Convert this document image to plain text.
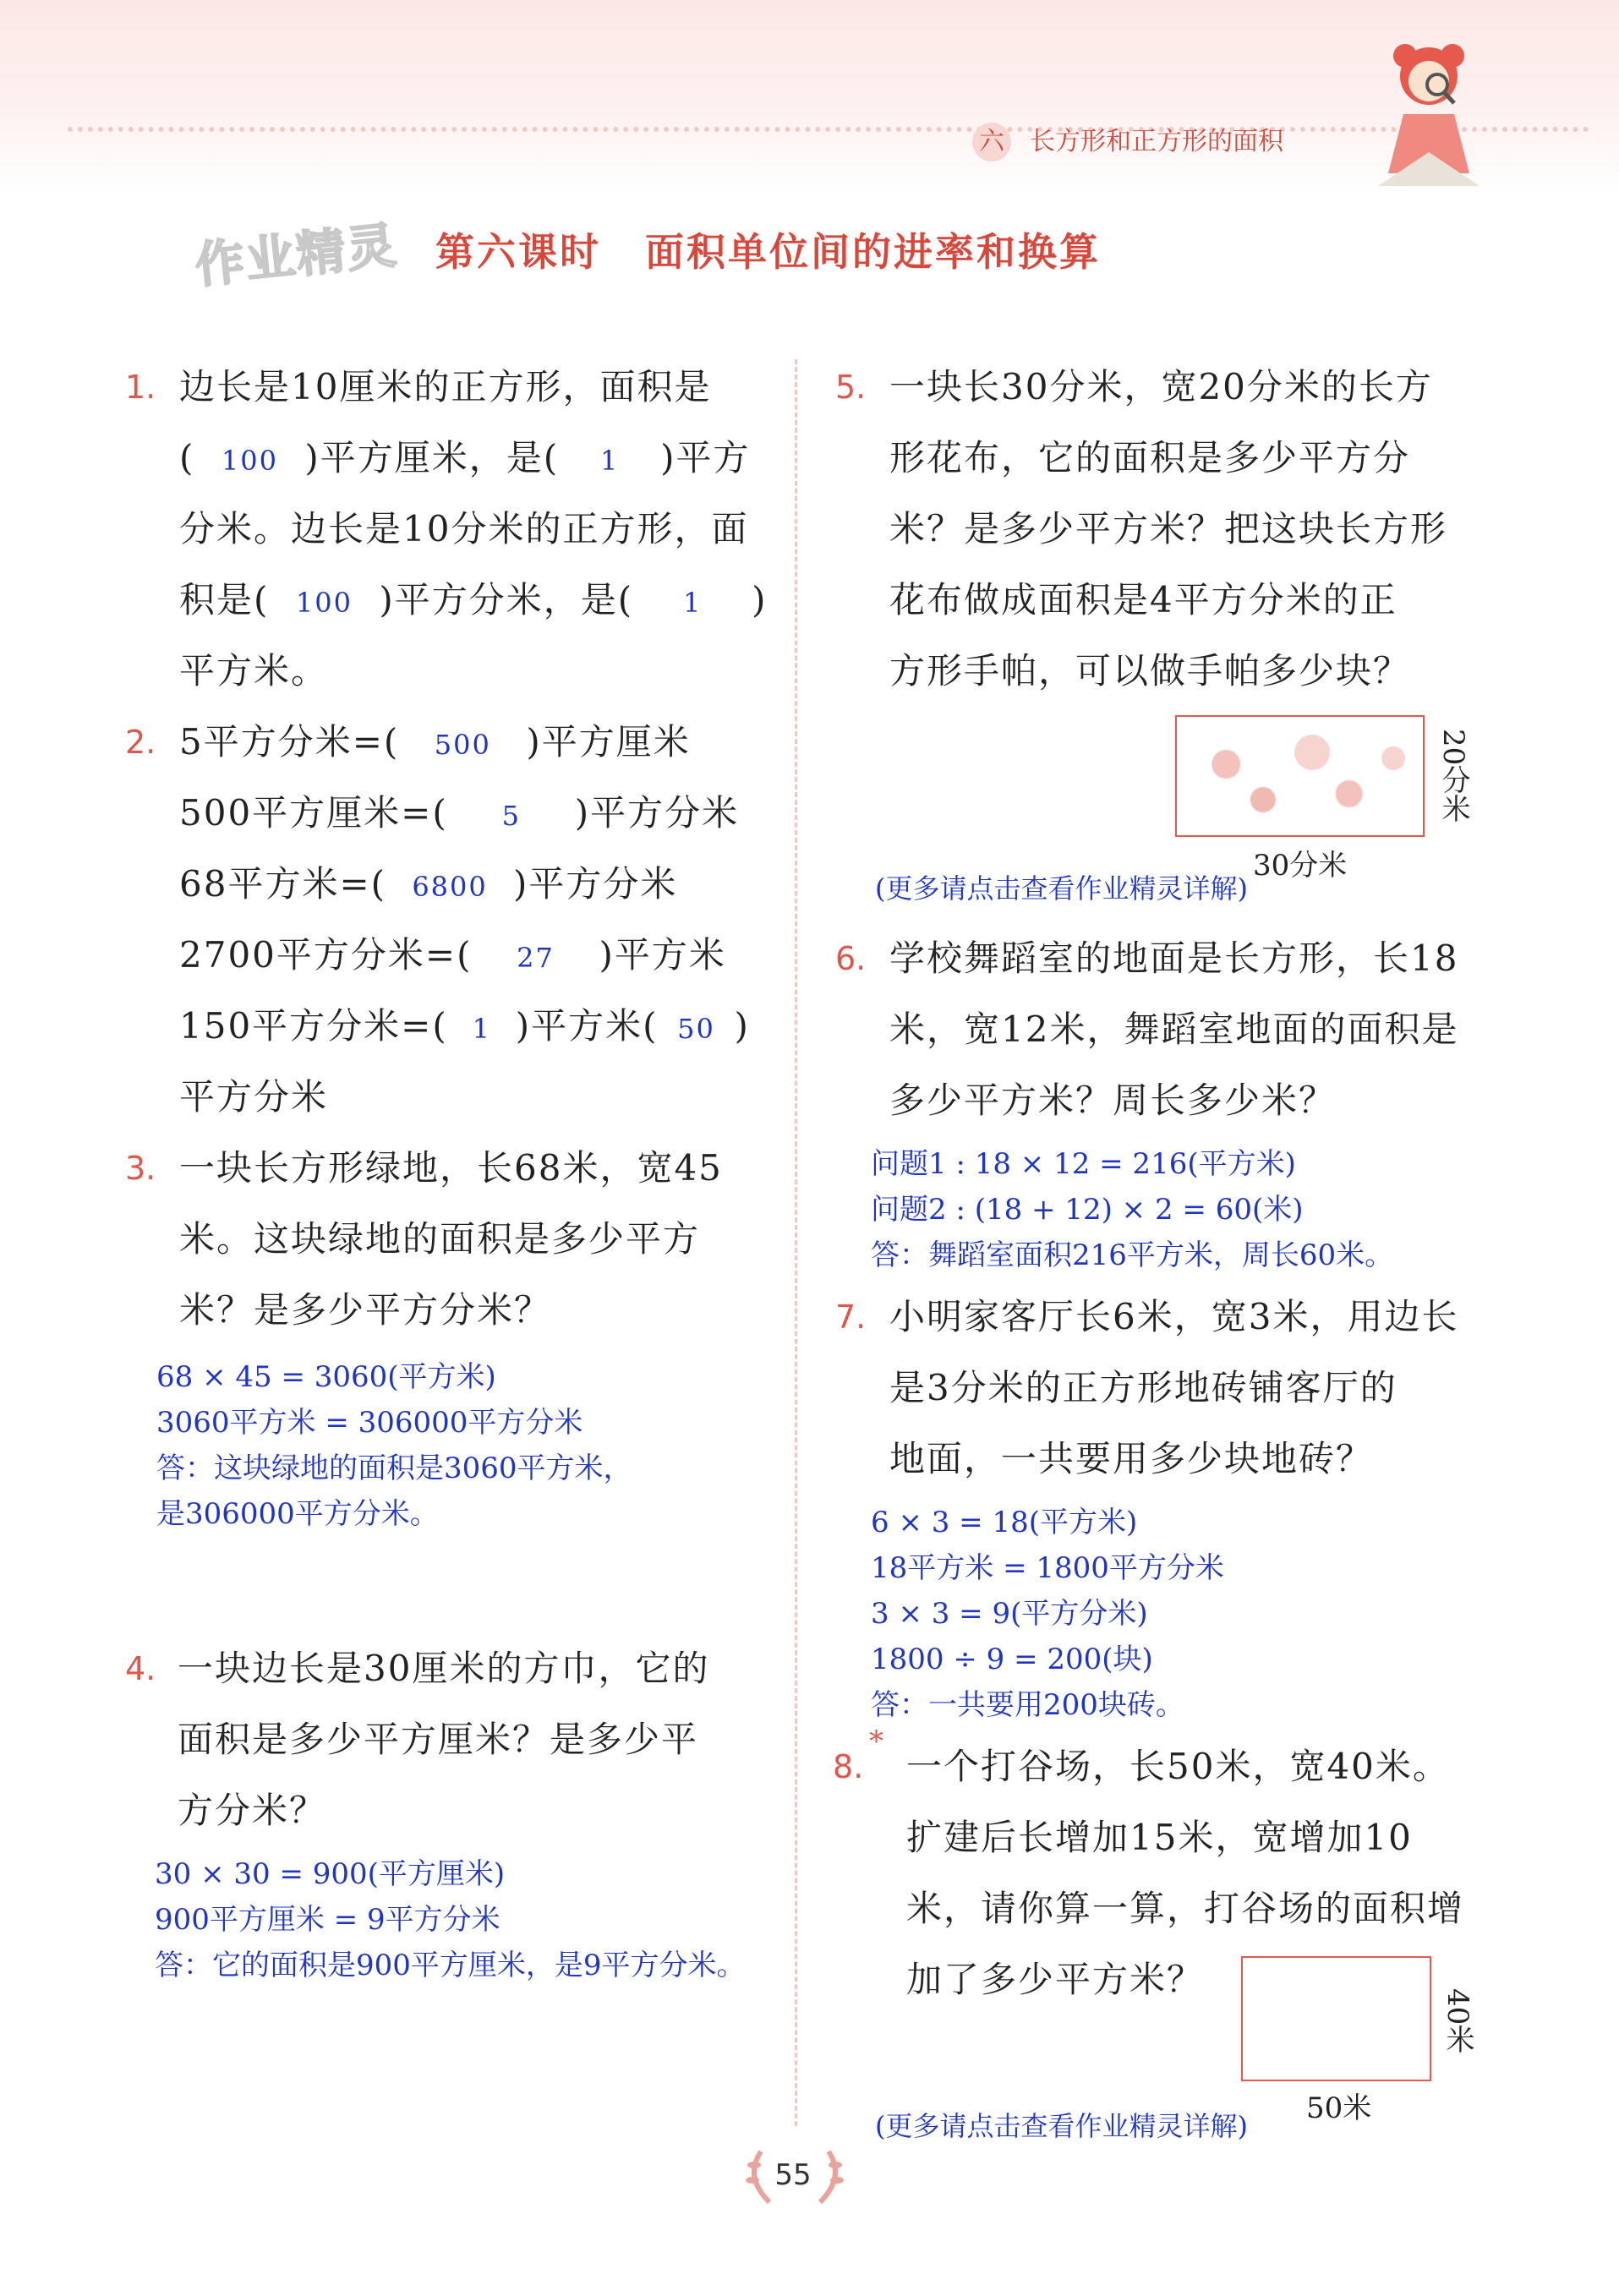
六 长方形和正方形的面积
作业精灵 第六课时 面积单位间的进率和换算
1. 边长是10厘米的正方形，面积是
( 100 )平方厘米，是( 1 )平方
分米。边长是10分米的正方形，面
积是( 100 )平方分米，是( 1 )
平方米。
2. 5平方分米=( 500 )平方厘米
500平方厘米=( 5 )平方分米
68平方米=( 6800 )平方分米
2700平方分米=( 27 )平方米
150平方分米=( 1 )平方米( 50 )
平方分米
3. 一块长方形绿地，长68米，宽45
米。这块绿地的面积是多少平方
米？是多少平方分米？
68 × 45 = 3060(平方米)
3060平方米 = 306000平方分米
答：这块绿地的面积是3060平方米，
是306000平方分米。
4. 一块边长是30厘米的方巾，它的
面积是多少平方厘米？是多少平
方分米？
30 × 30 = 900(平方厘米)
900平方厘米 = 9平方分米
答：它的面积是900平方厘米，是9平方分米。
5. 一块长30分米，宽20分米的长方
形花布，它的面积是多少平方分
米？是多少平方米？把这块长方形
花布做成面积是4平方分米的正
方形手帕，可以做手帕多少块？
20分米
30分米
(更多请点击查看作业精灵详解)
6. 学校舞蹈室的地面是长方形，长18
米，宽12米，舞蹈室地面的面积是
多少平方米？周长多少米？
问题1 : 18 × 12 = 216(平方米)
问题2 : (18 + 12) × 2 = 60(米)
答：舞蹈室面积216平方米，周长60米。
7. 小明家客厅长6米，宽3米，用边长
是3分米的正方形地砖铺客厅的
地面，一共要用多少块地砖？
6 × 3 = 18(平方米)
18平方米 = 1800平方分米
3 × 3 = 9(平方分米)
1800 ÷ 9 = 200(块)
答：一共要用200块砖。
8.
*
一个打谷场，长50米，宽40米。
扩建后长增加15米，宽增加10
米，请你算一算，打谷场的面积增
加了多少平方米？
40米
50米
(更多请点击查看作业精灵详解)
55
